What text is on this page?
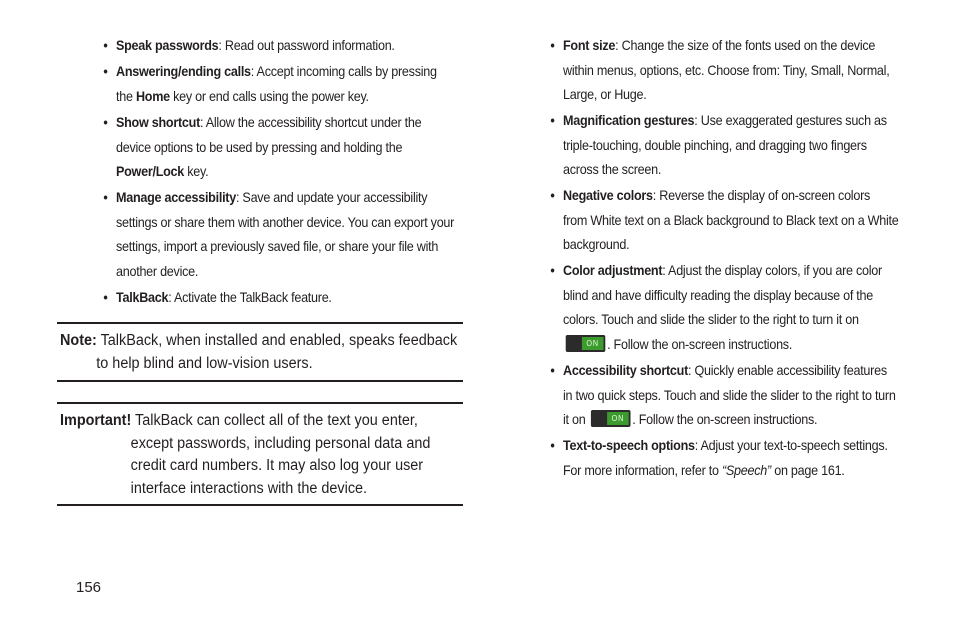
• Speak passwords: Read out password information.
• Answering/ending calls: Accept incoming calls by pressing
the Home key or end calls using the power key.
• Show shortcut: Allow the accessibility shortcut under the
device options to be used by pressing and holding the
Power/Lock key.
• Manage accessibility: Save and update your accessibility
settings or share them with another device. You can export your
settings, import a previously saved file, or share your file with
another device.
• TalkBack: Activate the TalkBack feature.
Note: TalkBack, when installed and enabled, speaks feedback
to help blind and low-vision users.
Important! TalkBack can collect all of the text you enter,
except passwords, including personal data and
credit card numbers. It may also log your user
interface interactions with the device.
• Font size: Change the size of the fonts used on the device
within menus, options, etc. Choose from: Tiny, Small, Normal,
Large, or Huge.
• Magnification gestures: Use exaggerated gestures such as
triple-touching, double pinching, and dragging two fingers
across the screen.
• Negative colors: Reverse the display of on-screen colors
from White text on a Black background to Black text on a White
background.
• Color adjustment: Adjust the display colors, if you are color
blind and have difficulty reading the display because of the
colors. Touch and slide the slider to the right to turn it on
ON . Follow the on-screen instructions.
• Accessibility shortcut: Quickly enable accessibility features
in two quick steps. Touch and slide the slider to the right to turn
it on	ON . Follow the on-screen instructions.
• Text-to-speech options: Adjust your text-to-speech settings.
For more information, refer to “Speech” on page 161.
156
